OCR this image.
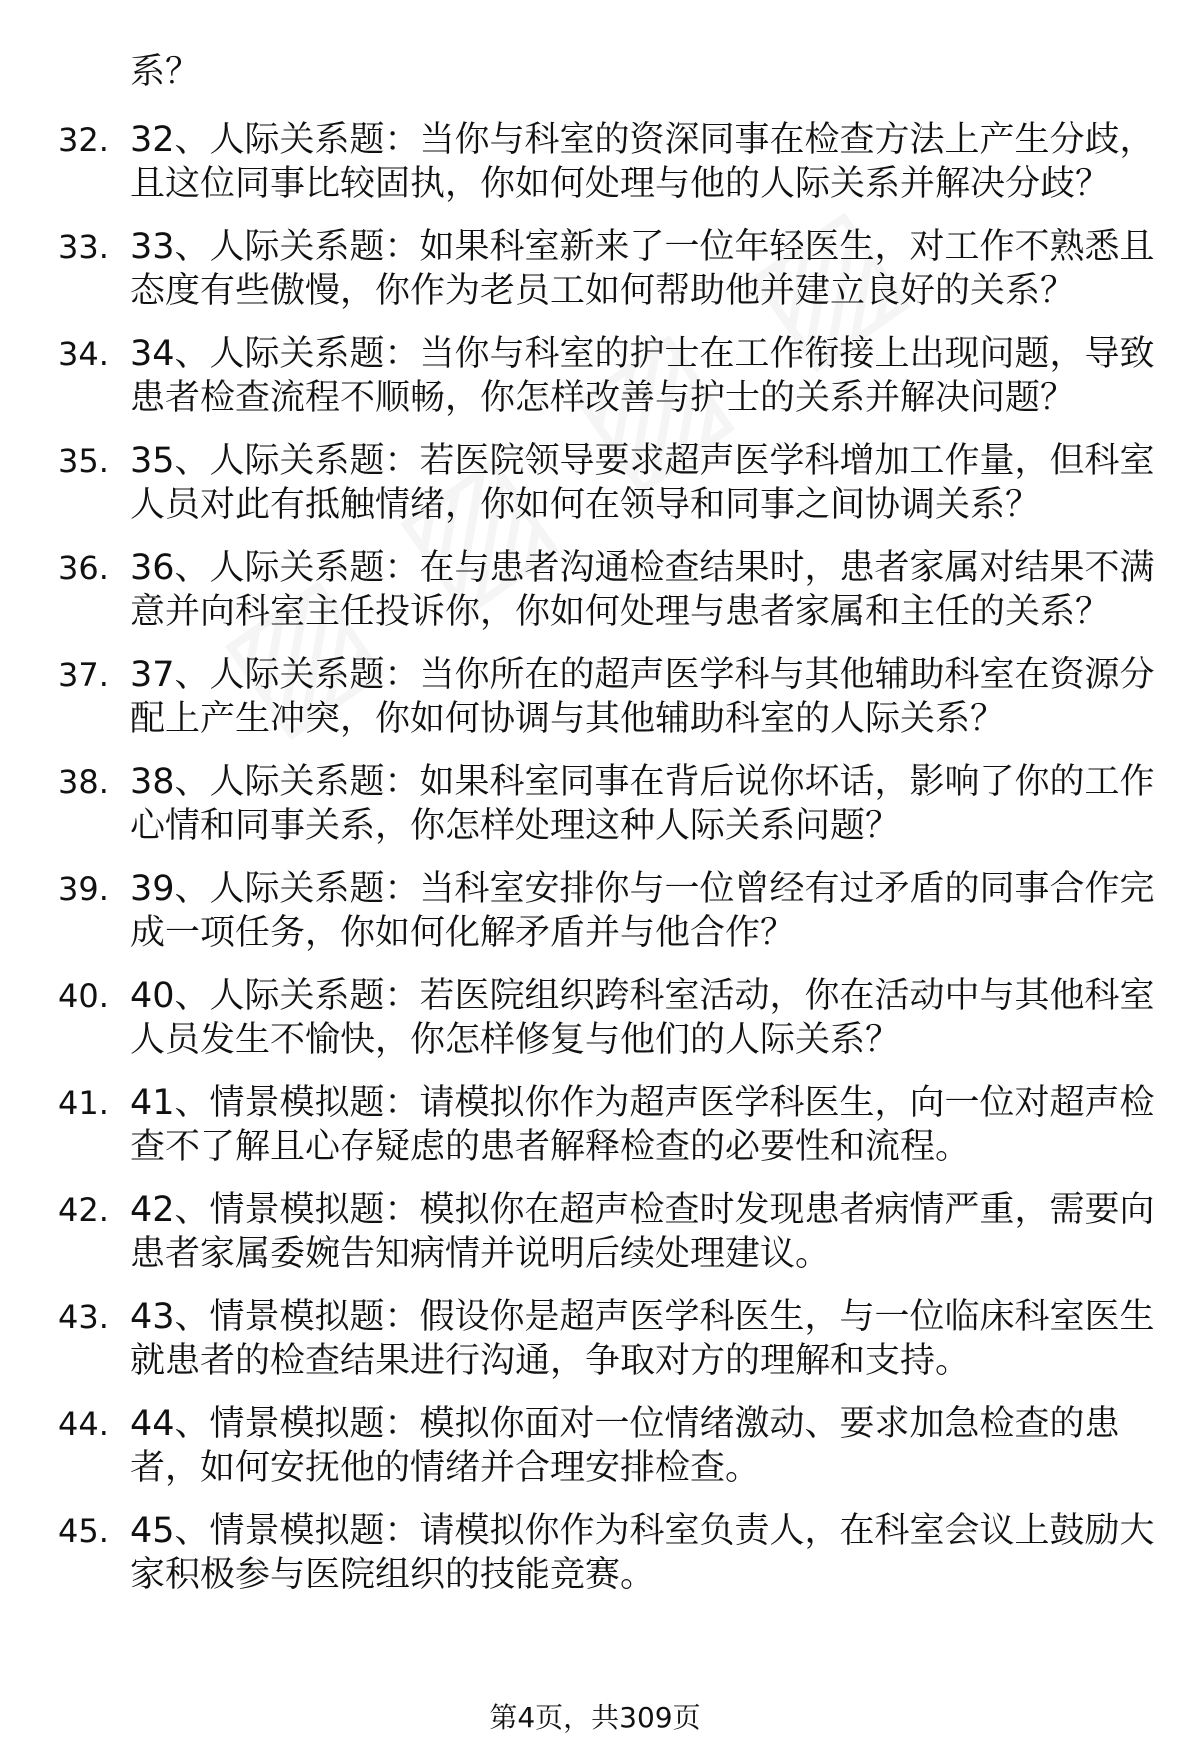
系？
32. 32、人际关系题：当你与科室的资深同事在检查方法上产生分歧，且这位同事比较固执，你如何处理与他的人际关系并解决分歧？
33. 33、人际关系题：如果科室新来了一位年轻医生，对工作不熟悉且态度有些傲慢，你作为老员工如何帮助他并建立良好的关系？
34. 34、人际关系题：当你与科室的护士在工作衔接上出现问题，导致患者检查流程不顺畅，你怎样改善与护士的关系并解决问题？
35. 35、人际关系题：若医院领导要求超声医学科增加工作量，但科室人员对此有抵触情绪，你如何在领导和同事之间协调关系？
36. 36、人际关系题：在与患者沟通检查结果时，患者家属对结果不满意并向科室主任投诉你，你如何处理与患者家属和主任的关系？
37. 37、人际关系题：当你所在的超声医学科与其他辅助科室在资源分配上产生冲突，你如何协调与其他辅助科室的人际关系？
38. 38、人际关系题：如果科室同事在背后说你坏话，影响了你的工作心情和同事关系，你怎样处理这种人际关系问题？
39. 39、人际关系题：当科室安排你与一位曾经有过矛盾的同事合作完成一项任务，你如何化解矛盾并与他合作？
40. 40、人际关系题：若医院组织跨科室活动，你在活动中与其他科室人员发生不愉快，你怎样修复与他们的人际关系？
41. 41、情景模拟题：请模拟你作为超声医学科医生，向一位对超声检查不了解且心存疑虑的患者解释检查的必要性和流程。
42. 42、情景模拟题：模拟你在超声检查时发现患者病情严重，需要向患者家属委婉告知病情并说明后续处理建议。
43. 43、情景模拟题：假设你是超声医学科医生，与一位临床科室医生就患者的检查结果进行沟通，争取对方的理解和支持。
44. 44、情景模拟题：模拟你面对一位情绪激动、要求加急检查的患者，如何安抚他的情绪并合理安排检查。
45. 45、情景模拟题：请模拟你作为科室负责人，在科室会议上鼓励大家积极参与医院组织的技能竞赛。
第4页，共309页
